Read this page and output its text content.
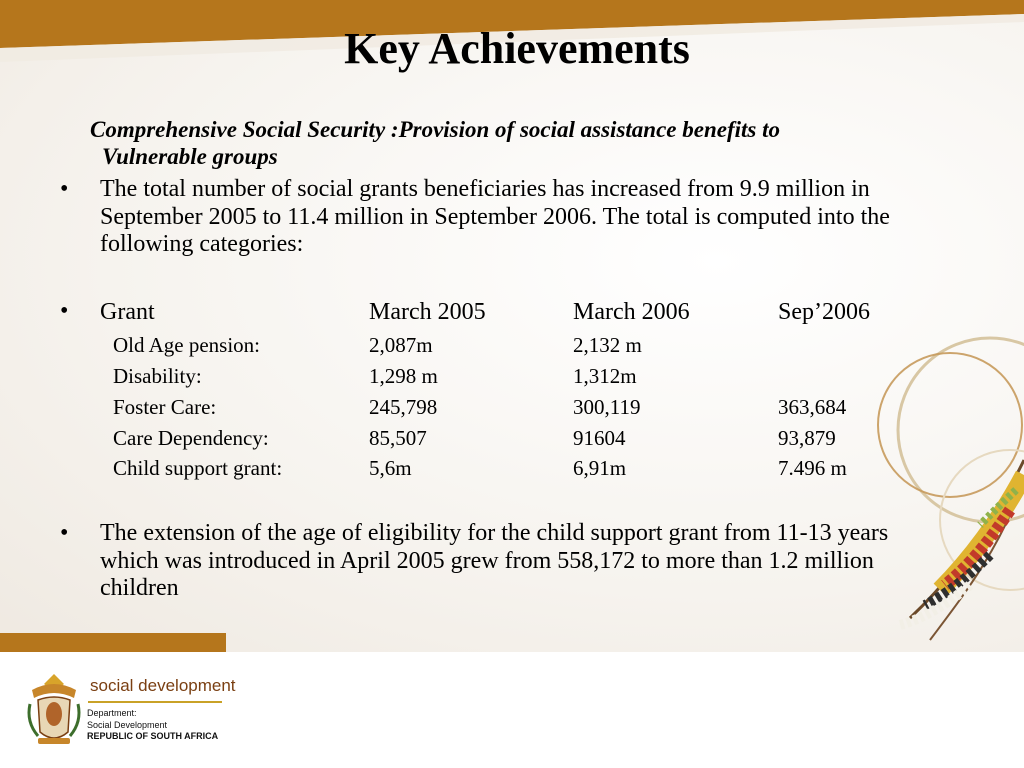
Key Achievements
Comprehensive Social Security :Provision of social assistance benefits to
Vulnerable groups
• The total number of social grants beneficiaries has increased from 9.9 million in September 2005 to 11.4 million in September 2006. The total is computed into the following categories:
• Grant	March 2005	March 2006	Sep’2006
Old Age pension:	2,087m	2,132 m
Disability:	1,298 m	1,312m
Foster Care:	245,798	300,119	363,684
Care Dependency:	85,507	91604	93,879
Child support grant:	5,6m	6,91m	7.496 m
• The extension of the age of eligibility for the child support grant from 11-13 years which was introduced in April 2005 grew from 558,172 to more than 1.2 million children
social development
Department:
Social Development
REPUBLIC OF SOUTH AFRICA
